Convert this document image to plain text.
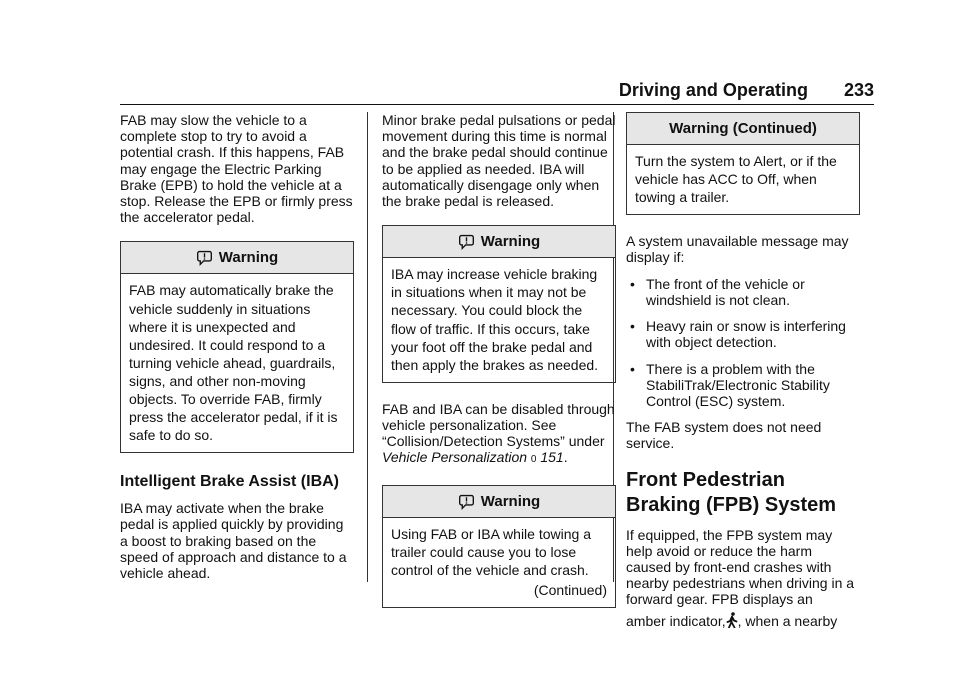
Driving and Operating 233

FAB may slow the vehicle to a complete stop to try to avoid a potential crash. If this happens, FAB may engage the Electric Parking Brake (EPB) to hold the vehicle at a stop. Release the EPB or firmly press the accelerator pedal.

Warning
FAB may automatically brake the vehicle suddenly in situations where it is unexpected and undesired. It could respond to a turning vehicle ahead, guardrails, signs, and other non-moving objects. To override FAB, firmly press the accelerator pedal, if it is safe to do so.
Intelligent Brake Assist (IBA)

IBA may activate when the brake pedal is applied quickly by providing a boost to braking based on the speed of approach and distance to a vehicle ahead.

Minor brake pedal pulsations or pedal movement during this time is normal and the brake pedal should continue to be applied as needed. IBA will automatically disengage only when the brake pedal is released.

Warning
IBA may increase vehicle braking in situations when it may not be necessary. You could block the flow of traffic. If this occurs, take your foot off the brake pedal and then apply the brakes as needed.

FAB and IBA can be disabled through vehicle personalization. See “Collision/Detection Systems” under
Vehicle Personalization 0 151.

Warning
Using FAB or IBA while towing a trailer could cause you to lose control of the vehicle and crash.
(Continued)
Warning (Continued)
Turn the system to Alert, or if the vehicle has ACC to Off, when towing a trailer.

A system unavailable message may display if:

• The front of the vehicle or windshield is not clean.
• Heavy rain or snow is interfering with object detection.
• There is a problem with the StabiliTrak/Electronic Stability Control (ESC) system.

The FAB system does not need service.

Front Pedestrian Braking (FPB) System

If equipped, the FPB system may help avoid or reduce the harm caused by front-end crashes with nearby pedestrians when driving in a forward gear. FPB displays an

amber indicator, , when a nearby
